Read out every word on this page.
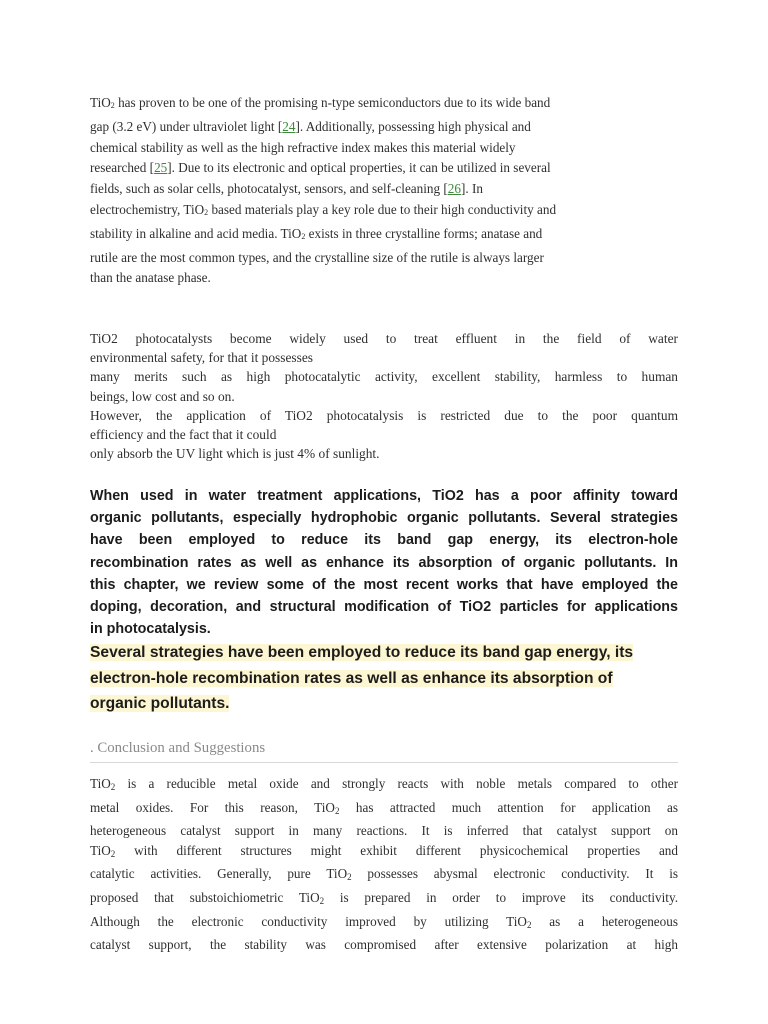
TiO2 has proven to be one of the promising n-type semiconductors due to its wide band
gap (3.2 eV) under ultraviolet light [24]. Additionally, possessing high physical and
chemical stability as well as the high refractive index makes this material widely
researched [25]. Due to its electronic and optical properties, it can be utilized in several
fields, such as solar cells, photocatalyst, sensors, and self-cleaning [26]. In
electrochemistry, TiO2 based materials play a key role due to their high conductivity and
stability in alkaline and acid media. TiO2 exists in three crystalline forms; anatase and
rutile are the most common types, and the crystalline size of the rutile is always larger
than the anatase phase.
TiO2 photocatalysts become widely used to treat effluent in the field of water
environmental safety, for that it possesses
many merits such as high photocatalytic activity, excellent stability, harmless to human
beings, low cost and so on.
However, the application of TiO2 photocatalysis is restricted due to the poor quantum
efficiency and the fact that it could
only absorb the UV light which is just 4% of sunlight.
When used in water treatment applications, TiO2 has a poor affinity toward
organic pollutants, especially hydrophobic organic pollutants. Several strategies
have been employed to reduce its band gap energy, its electron-hole
recombination rates as well as enhance its absorption of organic pollutants. In
this chapter, we review some of the most recent works that have employed the
doping, decoration, and structural modification of TiO2 particles for applications
in photocatalysis.
Several strategies have been employed to reduce its band gap energy, its
electron-hole recombination rates as well as enhance its absorption of
organic pollutants.
. Conclusion and Suggestions
TiO2 is a reducible metal oxide and strongly reacts with noble metals compared to other
metal oxides. For this reason, TiO2 has attracted much attention for application as
heterogeneous catalyst support in many reactions. It is inferred that catalyst support on
TiO2 with different structures might exhibit different physicochemical properties and
catalytic activities. Generally, pure TiO2 possesses abysmal electronic conductivity. It is
proposed that substoichiometric TiO2 is prepared in order to improve its conductivity.
Although the electronic conductivity improved by utilizing TiO2 as a heterogeneous
catalyst support, the stability was compromised after extensive polarization at high
